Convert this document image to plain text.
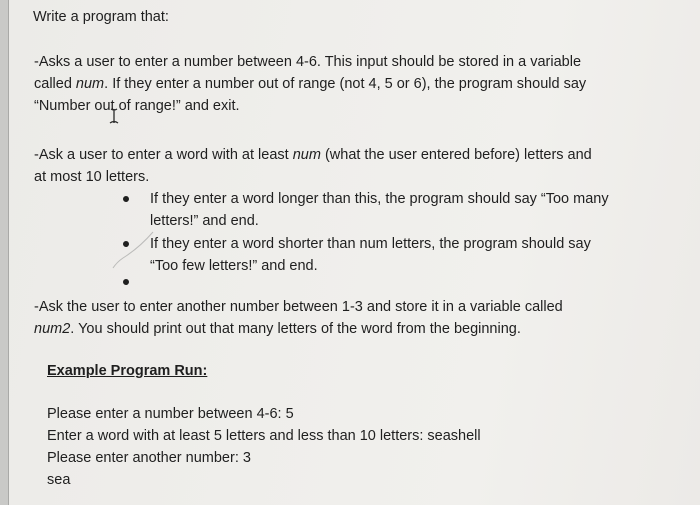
Write a program that:
-Asks a user to enter a number between 4-6. This input should be stored in a variable
called num. If they enter a number out of range (not 4, 5 or 6), the program should say
“Number out of range!” and exit.
-Ask a user to enter a word with at least num (what the user entered before) letters and
at most 10 letters.
If they enter a word longer than this, the program should say “Too many
letters!” and end.
If they enter a word shorter than num letters, the program should say
“Too few letters!” and end.
-Ask the user to enter another number between 1-3 and store it in a variable called
num2. You should print out that many letters of the word from the beginning.
Example Program Run:
Please enter a number between 4-6: 5
Enter a word with at least 5 letters and less than 10 letters: seashell
Please enter another number: 3
sea
